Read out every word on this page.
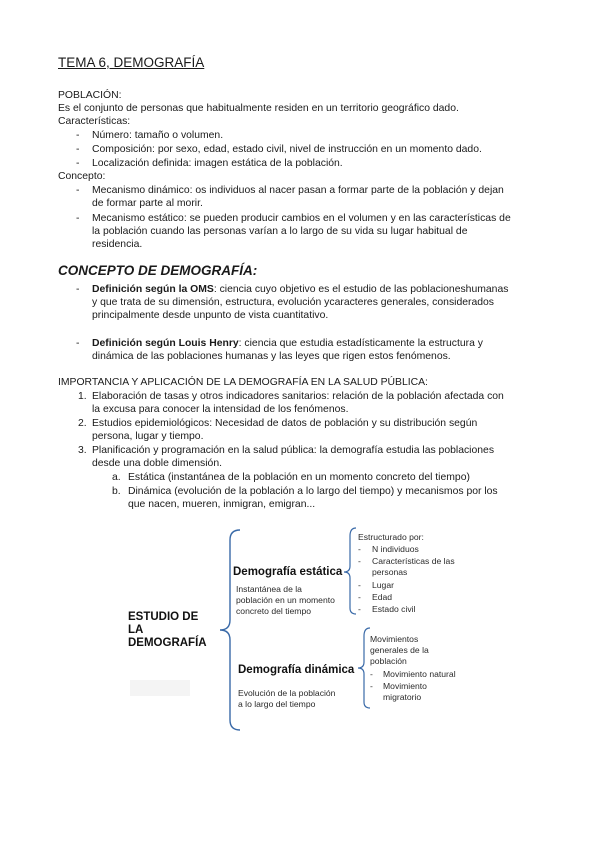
TEMA 6, DEMOGRAFÍA
POBLACIÓN:
Es el conjunto de personas que habitualmente residen en un territorio geográfico dado.
Características:
- Número: tamaño o volumen.
- Composición: por sexo, edad, estado civil, nivel de instrucción en un momento dado.
- Localización definida: imagen estática de la población.
Concepto:
- Mecanismo dinámico: os individuos al nacer pasan a formar parte de la población y dejan
de formar parte al morir.
- Mecanismo estático: se pueden producir cambios en el volumen y en las características de
la población cuando las personas varían a lo largo de su vida su lugar habitual de
residencia.
CONCEPTO DE DEMOGRAFÍA:
- Definición según la OMS: ciencia cuyo objetivo es el estudio de las poblacioneshumanas
y que trata de su dimensión, estructura, evolución ycaracteres generales, considerados
principalmente desde unpunto de vista cuantitativo.
- Definición según Louis Henry: ciencia que estudia estadísticamente la estructura y
dinámica de las poblaciones humanas y las leyes que rigen estos fenómenos.
IMPORTANCIA Y APLICACIÓN DE LA DEMOGRAFÍA EN LA SALUD PÚBLICA:
1. Elaboración de tasas y otros indicadores sanitarios: relación de la población afectada con
la excusa para conocer la intensidad de los fenómenos.
2. Estudios epidemiológicos: Necesidad de datos de población y su distribución según
persona, lugar y tiempo.
3. Planificación y programación en la salud pública: la demografía estudia las poblaciones
desde una doble dimensión.
a. Estática (instantánea de la población en un momento concreto del tiempo)
b. Dinámica (evolución de la población a lo largo del tiempo) y mecanismos por los
que nacen, mueren, inmigran, emigran...
ESTUDIO DE
LA
DEMOGRAFÍA
Demografía estática
Instantánea de la
población en un momento
concreto del tiempo
Estructurado por:
- N individuos
- Características de las
personas
- Lugar
- Edad
- Estado civil
Demografía dinámica
Evolución de la población
a lo largo del tiempo
Movimientos
generales de la
población
- Movimiento natural
- Movimiento
migratorio
